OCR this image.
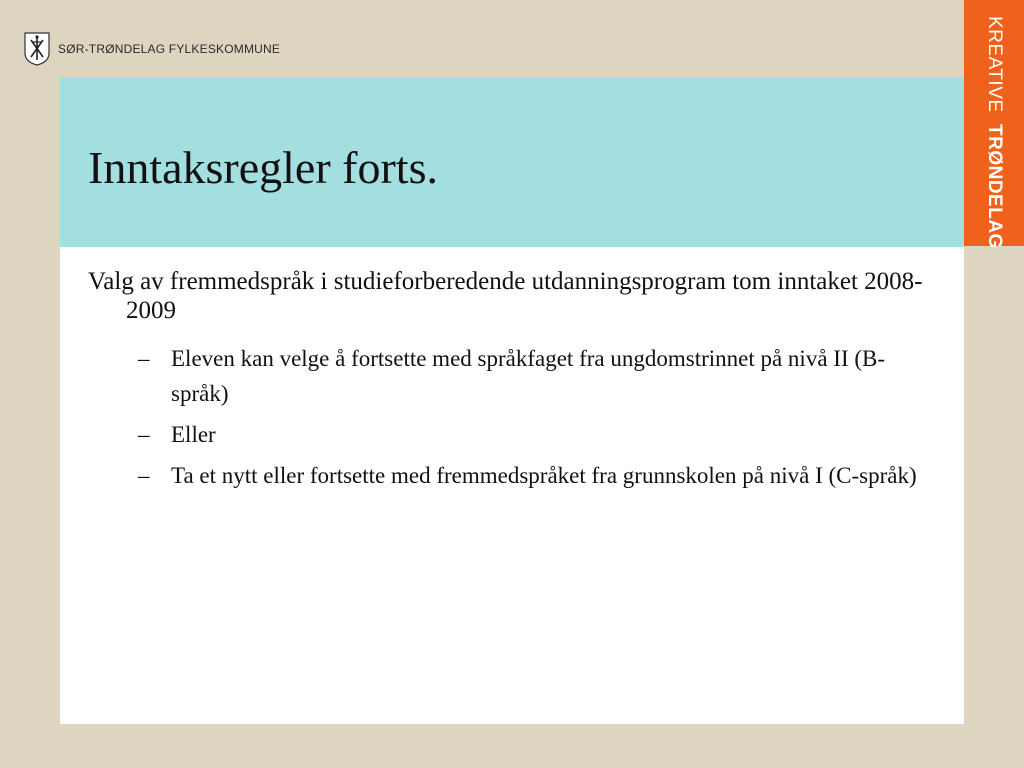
SØR-TRØNDELAG FYLKESKOMMUNE
Inntaksregler forts.

Valg av fremmedspråk i studieforberedende utdanningsprogram tom inntaket 2008-2009

– Eleven kan velge å fortsette med språkfaget fra ungdomstrinnet på nivå II (B-språk)
– Eller
– Ta et nytt eller fortsette med fremmedspråket fra grunnskolen på nivå I (C-språk)
KREATIVE TRØNDELAG
